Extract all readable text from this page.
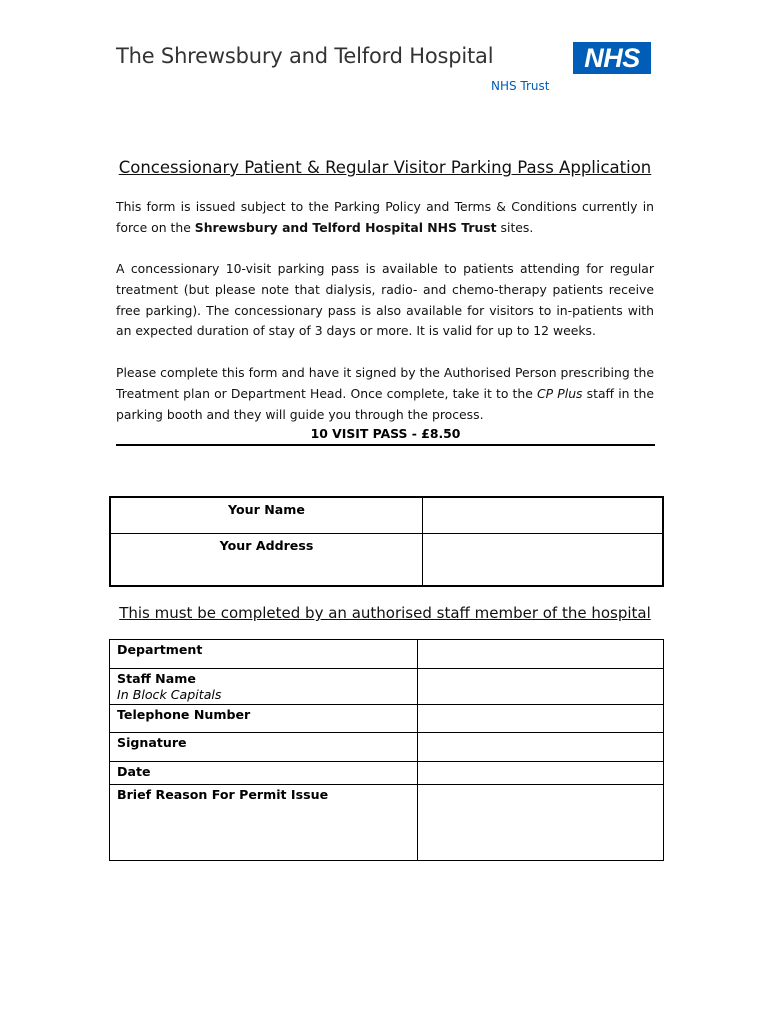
The Shrewsbury and Telford Hospital	NHS
NHS Trust
Concessionary Patient & Regular Visitor Parking Pass Application
This form is issued subject to the Parking Policy and Terms & Conditions currently in force on the Shrewsbury and Telford Hospital NHS Trust sites.
A concessionary 10-visit parking pass is available to patients attending for regular treatment (but please note that dialysis, radio- and chemo-therapy patients receive free parking). The concessionary pass is also available for visitors to in-patients with an expected duration of stay of 3 days or more. It is valid for up to 12 weeks.
Please complete this form and have it signed by the Authorised Person prescribing the Treatment plan or Department Head. Once complete, take it to the CP Plus staff in the parking booth and they will guide you through the process.
10 VISIT PASS - £8.50
Your Name	
Your Address	
This must be completed by an authorised staff member of the hospital
Department	
Staff Name
In Block Capitals	

Telephone Number	
Signature	
Date	
Brief Reason For Permit Issue	
